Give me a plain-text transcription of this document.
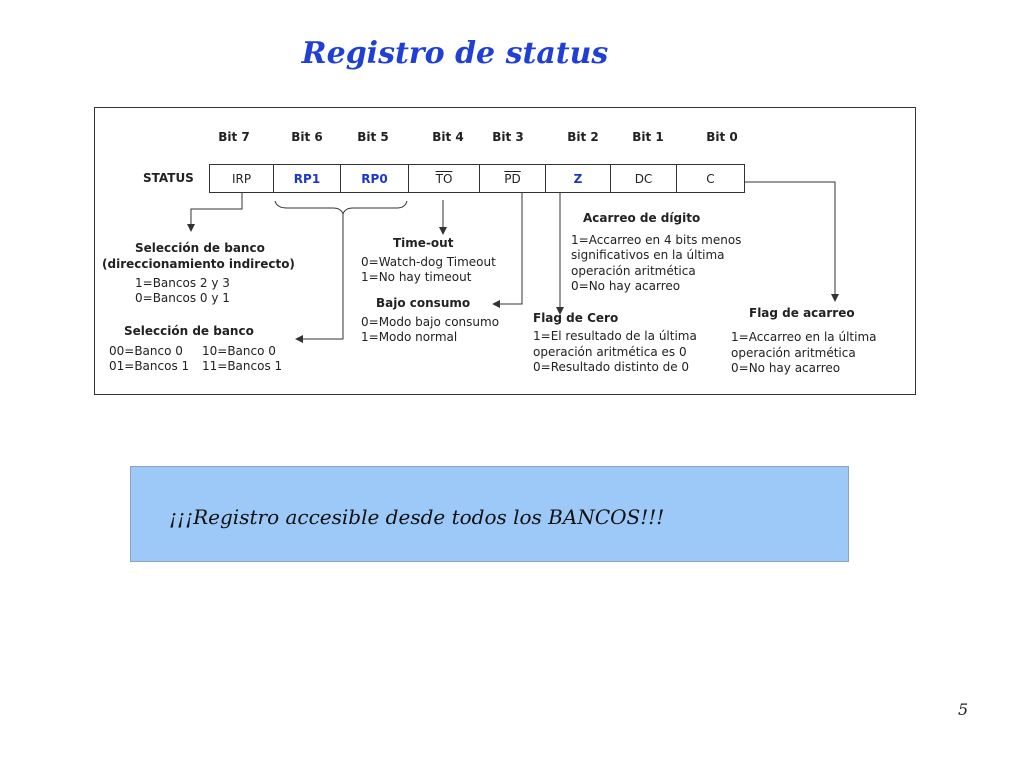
Registro de status
Bit 7	Bit 6	Bit 5	Bit 4	Bit 3	Bit 2	Bit 1	Bit 0
STATUS	IRP	RP1	RP0	$\overline{TO}$	$\overline{PD}$	Z	DC	C
Selección de banco
(direccionamiento indirecto)
1=Bancos 2 y 3
0=Bancos 0 y 1
Selección de banco
00=Banco 0
01=Bancos 1
10=Banco 0
11=Bancos 1
Time-out
0=Watch-dog Timeout
1=No hay timeout
Bajo consumo
0=Modo bajo consumo
1=Modo normal
Acarreo de dígito
1=Accarreo en 4 bits menos
significativos en la última
operación aritmética
0=No hay acarreo
Flag de Cero
1=El resultado de la última
operación aritmética es 0
0=Resultado distinto de 0
Flag de acarreo
1=Accarreo en la última
operación aritmética
0=No hay acarreo
¡¡¡Registro accesible desde todos los BANCOS!!!
5
